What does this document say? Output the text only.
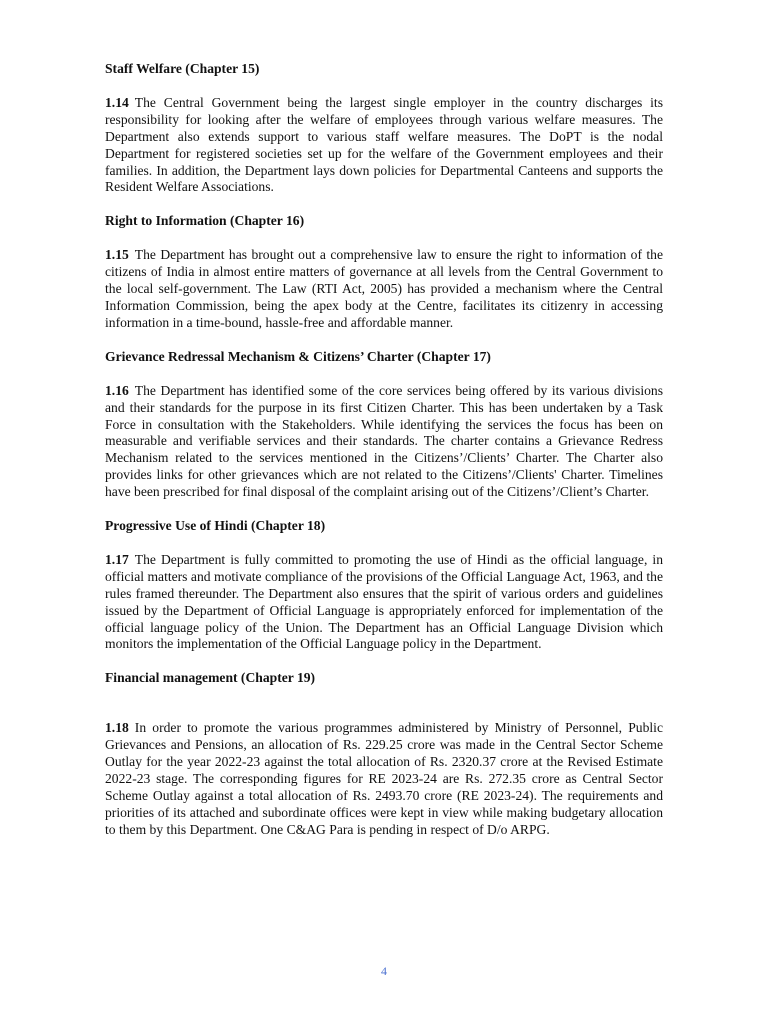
Staff Welfare (Chapter 15)

1.14 The Central Government being the largest single employer in the country discharges its responsibility for looking after the welfare of employees through various welfare measures. The Department also extends support to various staff welfare measures. The DoPT is the nodal Department for registered societies set up for the welfare of the Government employees and their families. In addition, the Department lays down policies for Departmental Canteens and supports the Resident Welfare Associations.

Right to Information (Chapter 16)

1.15 The Department has brought out a comprehensive law to ensure the right to information of the citizens of India in almost entire matters of governance at all levels from the Central Government to the local self-government. The Law (RTI Act, 2005) has provided a mechanism where the Central Information Commission, being the apex body at the Centre, facilitates its citizenry in accessing information in a time-bound, hassle-free and affordable manner.

Grievance Redressal Mechanism & Citizens’ Charter (Chapter 17)

1.16 The Department has identified some of the core services being offered by its various divisions and their standards for the purpose in its first Citizen Charter. This has been undertaken by a Task Force in consultation with the Stakeholders. While identifying the services the focus has been on measurable and verifiable services and their standards. The charter contains a Grievance Redress Mechanism related to the services mentioned in the Citizens’/Clients’ Charter. The Charter also provides links for other grievances which are not related to the Citizens’/Clients' Charter. Timelines have been prescribed for final disposal of the complaint arising out of the Citizens’/Client’s Charter.

Progressive Use of Hindi (Chapter 18)

1.17 The Department is fully committed to promoting the use of Hindi as the official language, in official matters and motivate compliance of the provisions of the Official Language Act, 1963, and the rules framed thereunder. The Department also ensures that the spirit of various orders and guidelines issued by the Department of Official Language is appropriately enforced for implementation of the official language policy of the Union. The Department has an Official Language Division which monitors the implementation of the Official Language policy in the Department.

Financial management (Chapter 19)

1.18 In order to promote the various programmes administered by Ministry of Personnel, Public Grievances and Pensions, an allocation of Rs. 229.25 crore was made in the Central Sector Scheme Outlay for the year 2022-23 against the total allocation of Rs. 2320.37 crore at the Revised Estimate 2022-23 stage. The corresponding figures for RE 2023-24 are Rs. 272.35 crore as Central Sector Scheme Outlay against a total allocation of Rs. 2493.70 crore (RE 2023-24). The requirements and priorities of its attached and subordinate offices were kept in view while making budgetary allocation to them by this Department. One C&AG Para is pending in respect of D/o ARPG.

4
